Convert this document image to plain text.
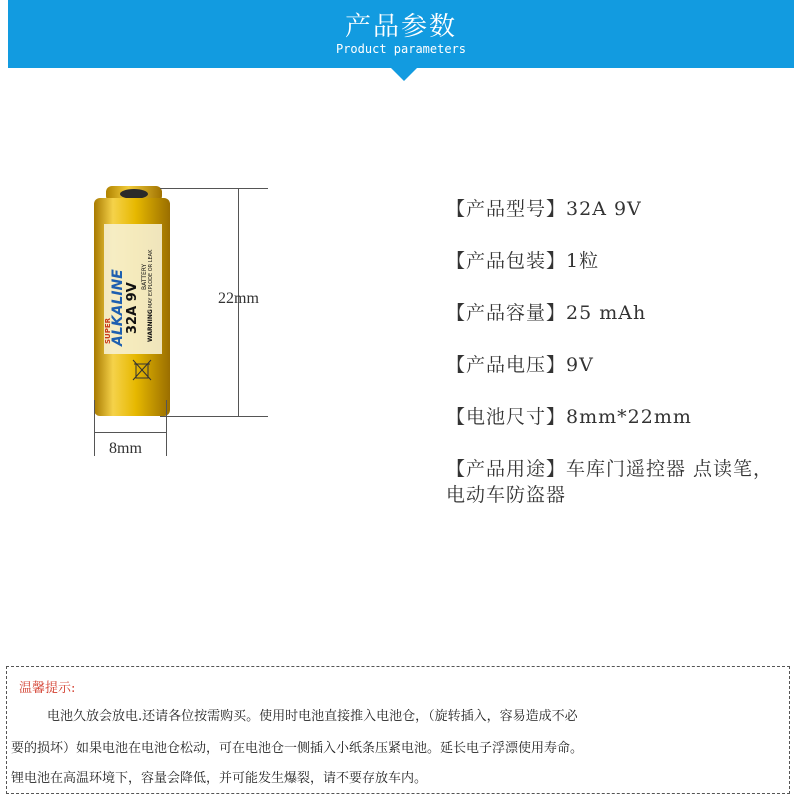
产品参数
Product parameters
SUPER
ALKALINE 32A 9V
BATTERY
WARNING
MAY EXPLODE OR LEAK	22mm
8mm
【产品型号】32A 9V
【产品包装】1粒
【产品容量】25 mAh
【产品电压】9V
【电池尺寸】8mm*22mm
【产品用途】车库门遥控器 点读笔，电动车防盗器
温馨提示:
电池久放会放电.还请各位按需购买。使用时电池直接推入电池仓，（旋转插入，容易造成不必
要的损坏）如果电池在电池仓松动，可在电池仓一侧插入小纸条压紧电池。延长电子浮漂使用寿命。
锂电池在高温环境下，容量会降低，并可能发生爆裂，请不要存放车内。
